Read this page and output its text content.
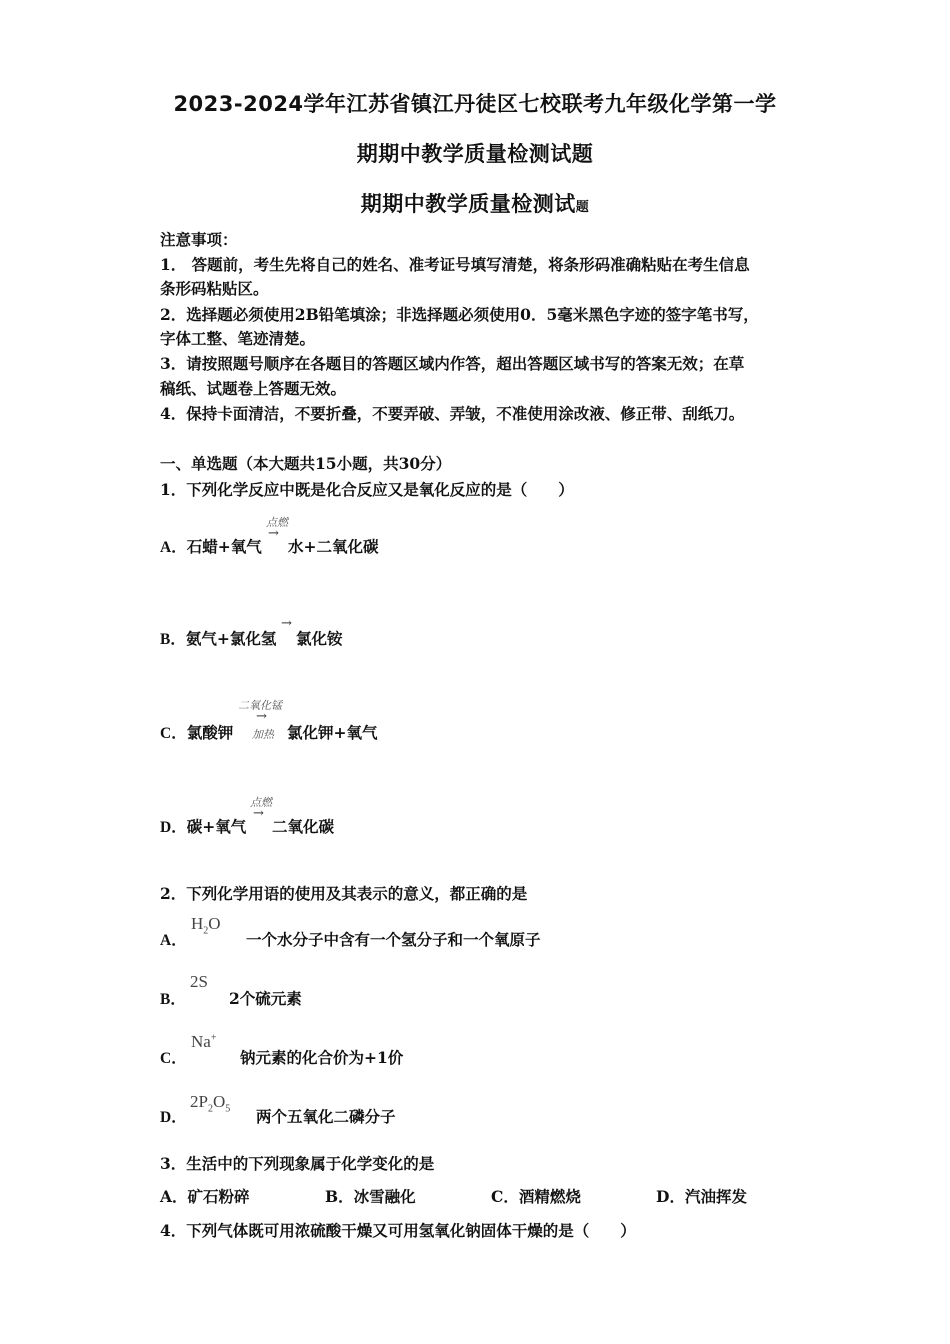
2023-2024学年江苏省镇江丹徒区七校联考九年级化学第一学
期期中教学质量检测试题
期期中教学质量检测试题
注意事项：
1． 答题前，考生先将自己的姓名、准考证号填写清楚，将条形码准确粘贴在考生信息
条形码粘贴区。
2．选择题必须使用2B铅笔填涂；非选择题必须使用0．5毫米黑色字迹的签字笔书写，
字体工整、笔迹清楚。
3．请按照题号顺序在各题目的答题区域内作答，超出答题区域书写的答案无效；在草
稿纸、试题卷上答题无效。
4．保持卡面清洁，不要折叠，不要弄破、弄皱，不准使用涂改液、修正带、刮纸刀。
一、单选题（本大题共15小题，共30分）
1．下列化学反应中既是化合反应又是氧化反应的是（　　）
点燃
A．石蜡+氧气
→
水+二氧化碳
B．氨气+氯化氢
→
氯化铵
二氧化锰
→
加热
C．氯酸钾	氯化钾+氧气
点燃
→
D．碳+氧气 二氧化碳
2．下列化学用语的使用及其表示的意义，都正确的是
A．
$H_2O$
一个水分子中含有一个氢分子和一个氧原子
B．
2S
2个硫元素
C．
Na+
钠元素的化合价为+1价
D．
$2P_2O_5$ 两个五氧化二磷分子
3．生活中的下列现象属于化学变化的是
A．矿石粉碎	B．冰雪融化	C．酒精燃烧	D．汽油挥发
4．下列气体既可用浓硫酸干燥又可用氢氧化钠固体干燥的是（　　）
